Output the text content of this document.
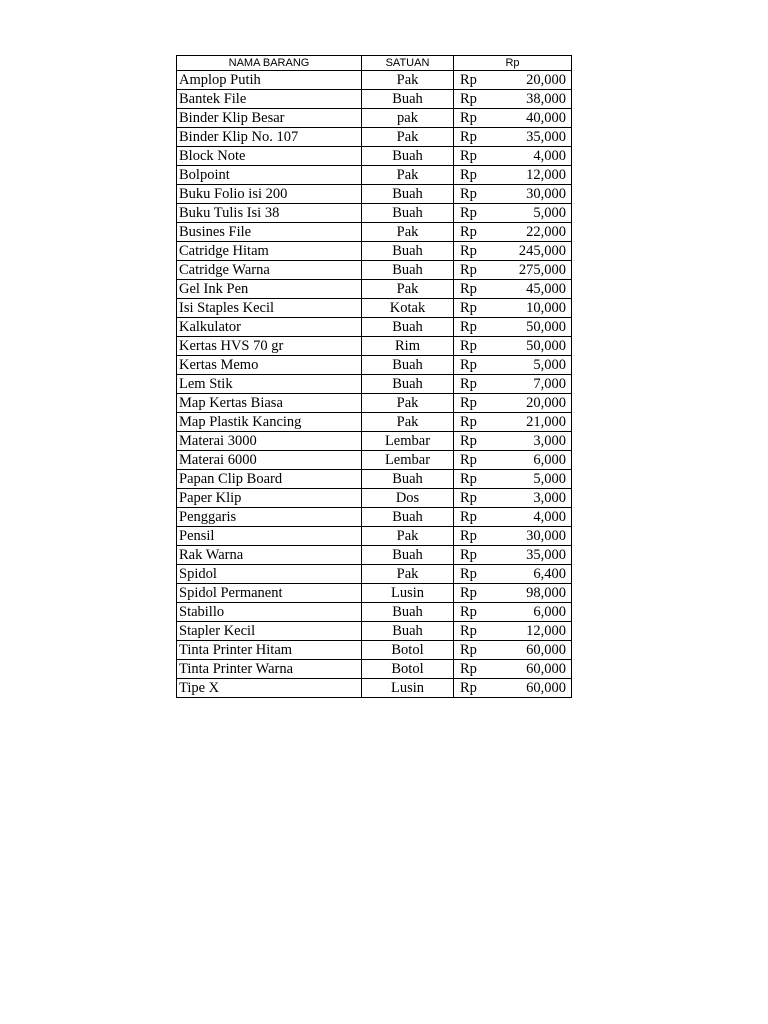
NAMA BARANG	SATUAN	Rp
Amplop Putih	Pak	Rp 20,000

Bantek File	Buah	Rp 38,000

Binder Klip Besar	pak	Rp 40,000

Binder Klip No. 107	Pak	Rp 35,000

Block Note	Buah	Rp 4,000

Bolpoint	Pak	Rp 12,000

Buku Folio isi 200	Buah	Rp 30,000

Buku Tulis Isi 38	Buah	Rp 5,000

Busines File	Pak	Rp 22,000

Catridge Hitam	Buah	Rp 245,000

Catridge Warna	Buah	Rp 275,000

Gel Ink Pen	Pak	Rp 45,000

Isi Staples Kecil	Kotak	Rp 10,000

Kalkulator	Buah	Rp 50,000

Kertas HVS 70 gr	Rim	Rp 50,000

Kertas Memo	Buah	Rp 5,000

Lem Stik	Buah	Rp 7,000

Map Kertas Biasa	Pak	Rp 20,000

Map Plastik Kancing	Pak	Rp 21,000

Materai 3000	Lembar	Rp 3,000

Materai 6000	Lembar	Rp 6,000

Papan Clip Board	Buah	Rp 5,000

Paper Klip	Dos	Rp 3,000

Penggaris	Buah	Rp 4,000

Pensil	Pak	Rp 30,000

Rak Warna	Buah	Rp 35,000

Spidol	Pak	Rp 6,400

Spidol Permanent	Lusin	Rp 98,000

Stabillo	Buah	Rp 6,000

Stapler Kecil	Buah	Rp 12,000

Tinta Printer Hitam	Botol	Rp 60,000

Tinta Printer Warna	Botol	Rp 60,000

Tipe X	Lusin	Rp 60,000
